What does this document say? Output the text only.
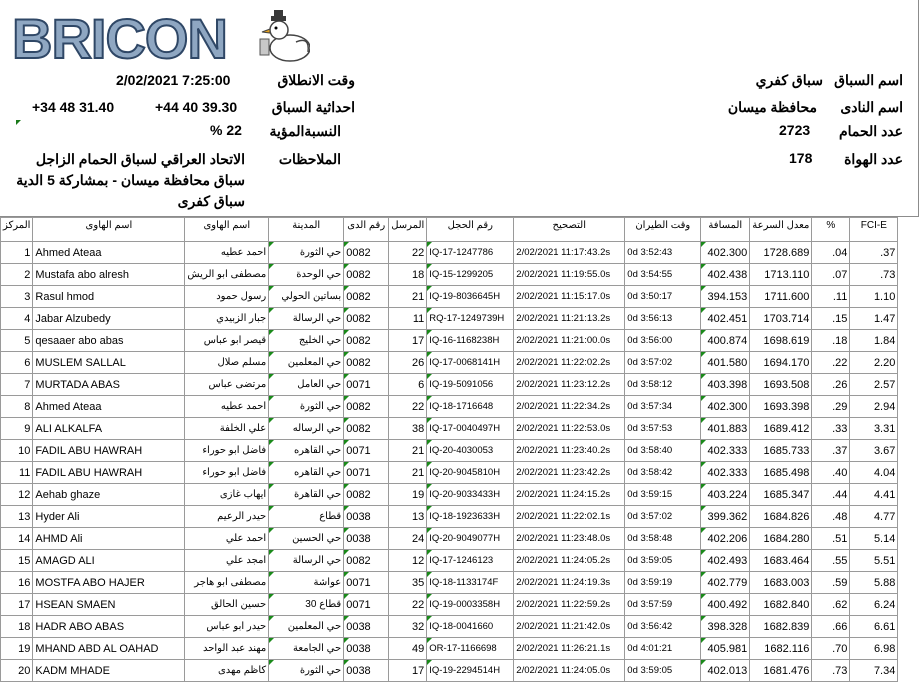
BRICON
اسم السباق
سباق كفري
اسم النادى
محافظة ميسان
عدد الحمام
2723
عدد الهواة
178
وقت الانطلاق
2/02/2021 7:25:00
احداثية السباق
+44 40 39.30
+34 48 31.40
النسبةالمؤية
% 22
الملاحظات
الاتحاد العراقي لسباق الحمام الزاجل
سباق محافظة ميسان - بمشاركة 5 الدية
سباق كفرى
المركز	اسم الهاوى	اسم الهاوى	المدينة	رقم الدى	المرسل	رقم الحجل	التصحيح	وقت الطيران	المسافة	معدل السرعة	%	FCI-E
1	Ahmed Ateaa	احمد عطيه	حي الثورة	0082	22	IQ-17-1247786	2/02/2021 11:17:43.2s	0d 3:52:43	402.300	1728.689	.04	.37
2	Mustafa abo alresh	مصطفى ابو الريش	حي الوحدة	0082	18	IQ-15-1299205	2/02/2021 11:19:55.0s	0d 3:54:55	402.438	1713.110	.07	.73
3	Rasul hmod	رسول حمود	بساتين الحولي	0082	21	IQ-19-8036645H	2/02/2021 11:15:17.0s	0d 3:50:17	394.153	1711.600	.11	1.10
4	Jabar Alzubedy	جبار الزبيدي	حي الرسالة	0082	11	RQ-17-1249739H	2/02/2021 11:21:13.2s	0d 3:56:13	402.451	1703.714	.15	1.47
5	qesaaer abo abas	قيصر ابو عباس	حي الخليج	0082	17	IQ-16-1168238H	2/02/2021 11:21:00.0s	0d 3:56:00	400.874	1698.619	.18	1.84
6	MUSLEM SALLAL	مسلم صلال	حي المعلمين	0082	26	IQ-17-0068141H	2/02/2021 11:22:02.2s	0d 3:57:02	401.580	1694.170	.22	2.20
7	MURTADA ABAS	مرتضى عباس	حي العامل	0071	6	IQ-19-5091056	2/02/2021 11:23:12.2s	0d 3:58:12	403.398	1693.508	.26	2.57
8	Ahmed Ateaa	احمد عطيه	حي الثورة	0082	22	IQ-18-1716648	2/02/2021 11:22:34.2s	0d 3:57:34	402.300	1693.398	.29	2.94
9	ALI ALKALFA	علي الخلفة	حي الرساله	0082	38	IQ-17-0040497H	2/02/2021 11:22:53.0s	0d 3:57:53	401.883	1689.412	.33	3.31
10	FADIL ABU HAWRAH	فاضل ابو حوراء	حي القاهره	0071	21	IQ-20-4030053	2/02/2021 11:23:40.2s	0d 3:58:40	402.333	1685.733	.37	3.67
11	FADIL ABU HAWRAH	فاضل ابو حوراء	حي القاهره	0071	21	IQ-20-9045810H	2/02/2021 11:23:42.2s	0d 3:58:42	402.333	1685.498	.40	4.04
12	Aehab ghaze	ايهاب غازى	حي القاهرة	0082	19	IQ-20-9033433H	2/02/2021 11:24:15.2s	0d 3:59:15	403.224	1685.347	.44	4.41
13	Hyder Ali	حيدر الرعيم	قطاع	0038	13	IQ-18-1923633H	2/02/2021 11:22:02.1s	0d 3:57:02	399.362	1684.826	.48	4.77
14	AHMD Ali	احمد علي	حي الحسين	0038	24	IQ-20-9049077H	2/02/2021 11:23:48.0s	0d 3:58:48	402.206	1684.280	.51	5.14
15	AMAGD ALI	امجد علي	حي الرسالة	0082	12	IQ-17-1246123	2/02/2021 11:24:05.2s	0d 3:59:05	402.493	1683.464	.55	5.51
16	MOSTFA ABO HAJER	مصطفى ابو هاجر	عواشة	0071	35	IQ-18-1133174F	2/02/2021 11:24:19.3s	0d 3:59:19	402.779	1683.003	.59	5.88
17	HSEAN SMAEN	حسين الحالق	قطاع 30	0071	22	IQ-19-0003358H	2/02/2021 11:22:59.2s	0d 3:57:59	400.492	1682.840	.62	6.24
18	HADR ABO ABAS	حيدر ابو عباس	حي المعلمين	0038	32	IQ-18-0041660	2/02/2021 11:21:42.0s	0d 3:56:42	398.328	1682.839	.66	6.61
19	MHAND ABD AL OAHAD	مهند عبد الواحد	حي الجامعة	0038	49	OR-17-1166698	2/02/2021 11:26:21.1s	0d 4:01:21	405.981	1682.116	.70	6.98
20	KADM MHADE	كاظم مهدى	حي الثورة	0038	17	IQ-19-2294514H	2/02/2021 11:24:05.0s	0d 3:59:05	402.013	1681.476	.73	7.34
